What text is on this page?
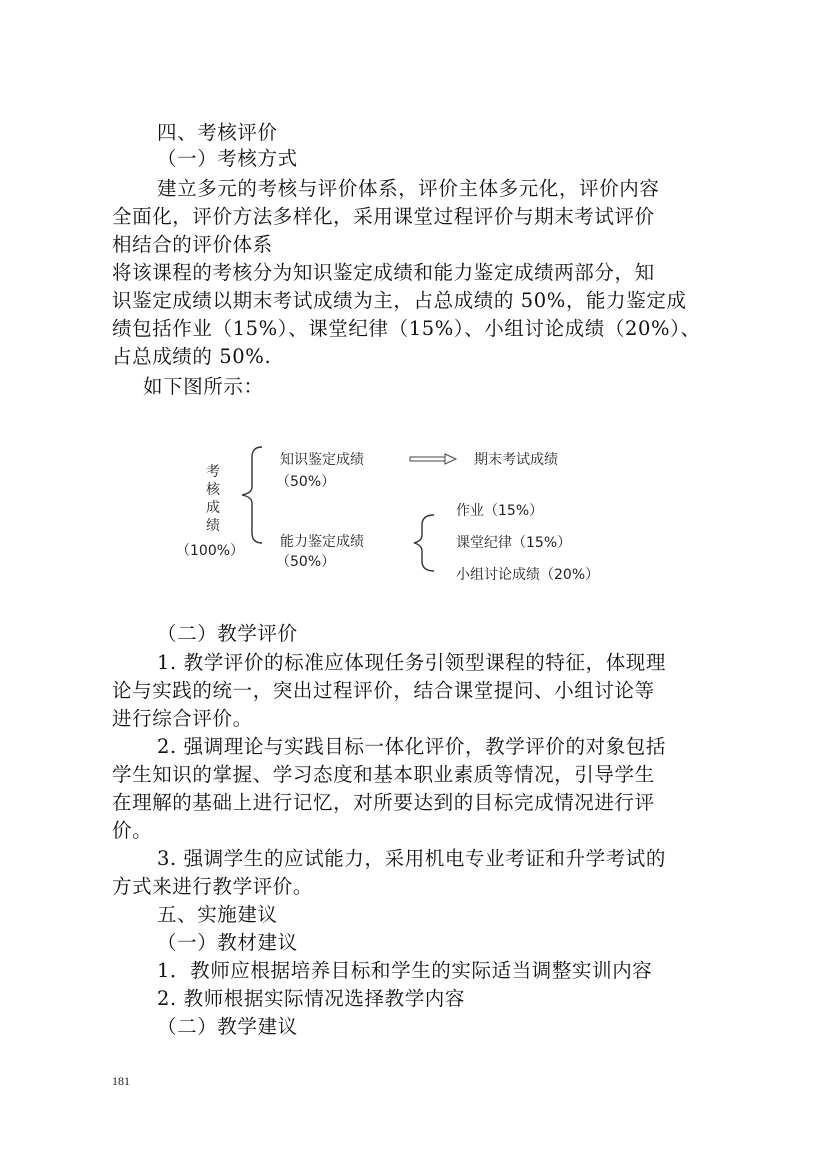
四、考核评价
（一）考核方式
建立多元的考核与评价体系，评价主体多元化，评价内容
全面化，评价方法多样化，采用课堂过程评价与期末考试评价
相结合的评价体系
将该课程的考核分为知识鉴定成绩和能力鉴定成绩两部分，知
识鉴定成绩以期末考试成绩为主，占总成绩的 50%，能力鉴定成
绩包括作业（15%）、课堂纪律（15%）、小组讨论成绩（20%）、
占总成绩的 50%.
如下图所示：
考
核
成
绩
（100%）
知识鉴定成绩
（50%）
期末考试成绩
能力鉴定成绩
（50%）
作业（15%）
课堂纪律（15%）
小组讨论成绩（20%）
（二）教学评价
1. 教学评价的标准应体现任务引领型课程的特征，体现理
论与实践的统一，突出过程评价，结合课堂提问、小组讨论等
进行综合评价。
2. 强调理论与实践目标一体化评价，教学评价的对象包括
学生知识的掌握、学习态度和基本职业素质等情况，引导学生
在理解的基础上进行记忆，对所要达到的目标完成情况进行评
价。
3. 强调学生的应试能力，采用机电专业考证和升学考试的
方式来进行教学评价。
五、实施建议
（一）教材建议
1．教师应根据培养目标和学生的实际适当调整实训内容
2. 教师根据实际情况选择教学内容
（二）教学建议
181
